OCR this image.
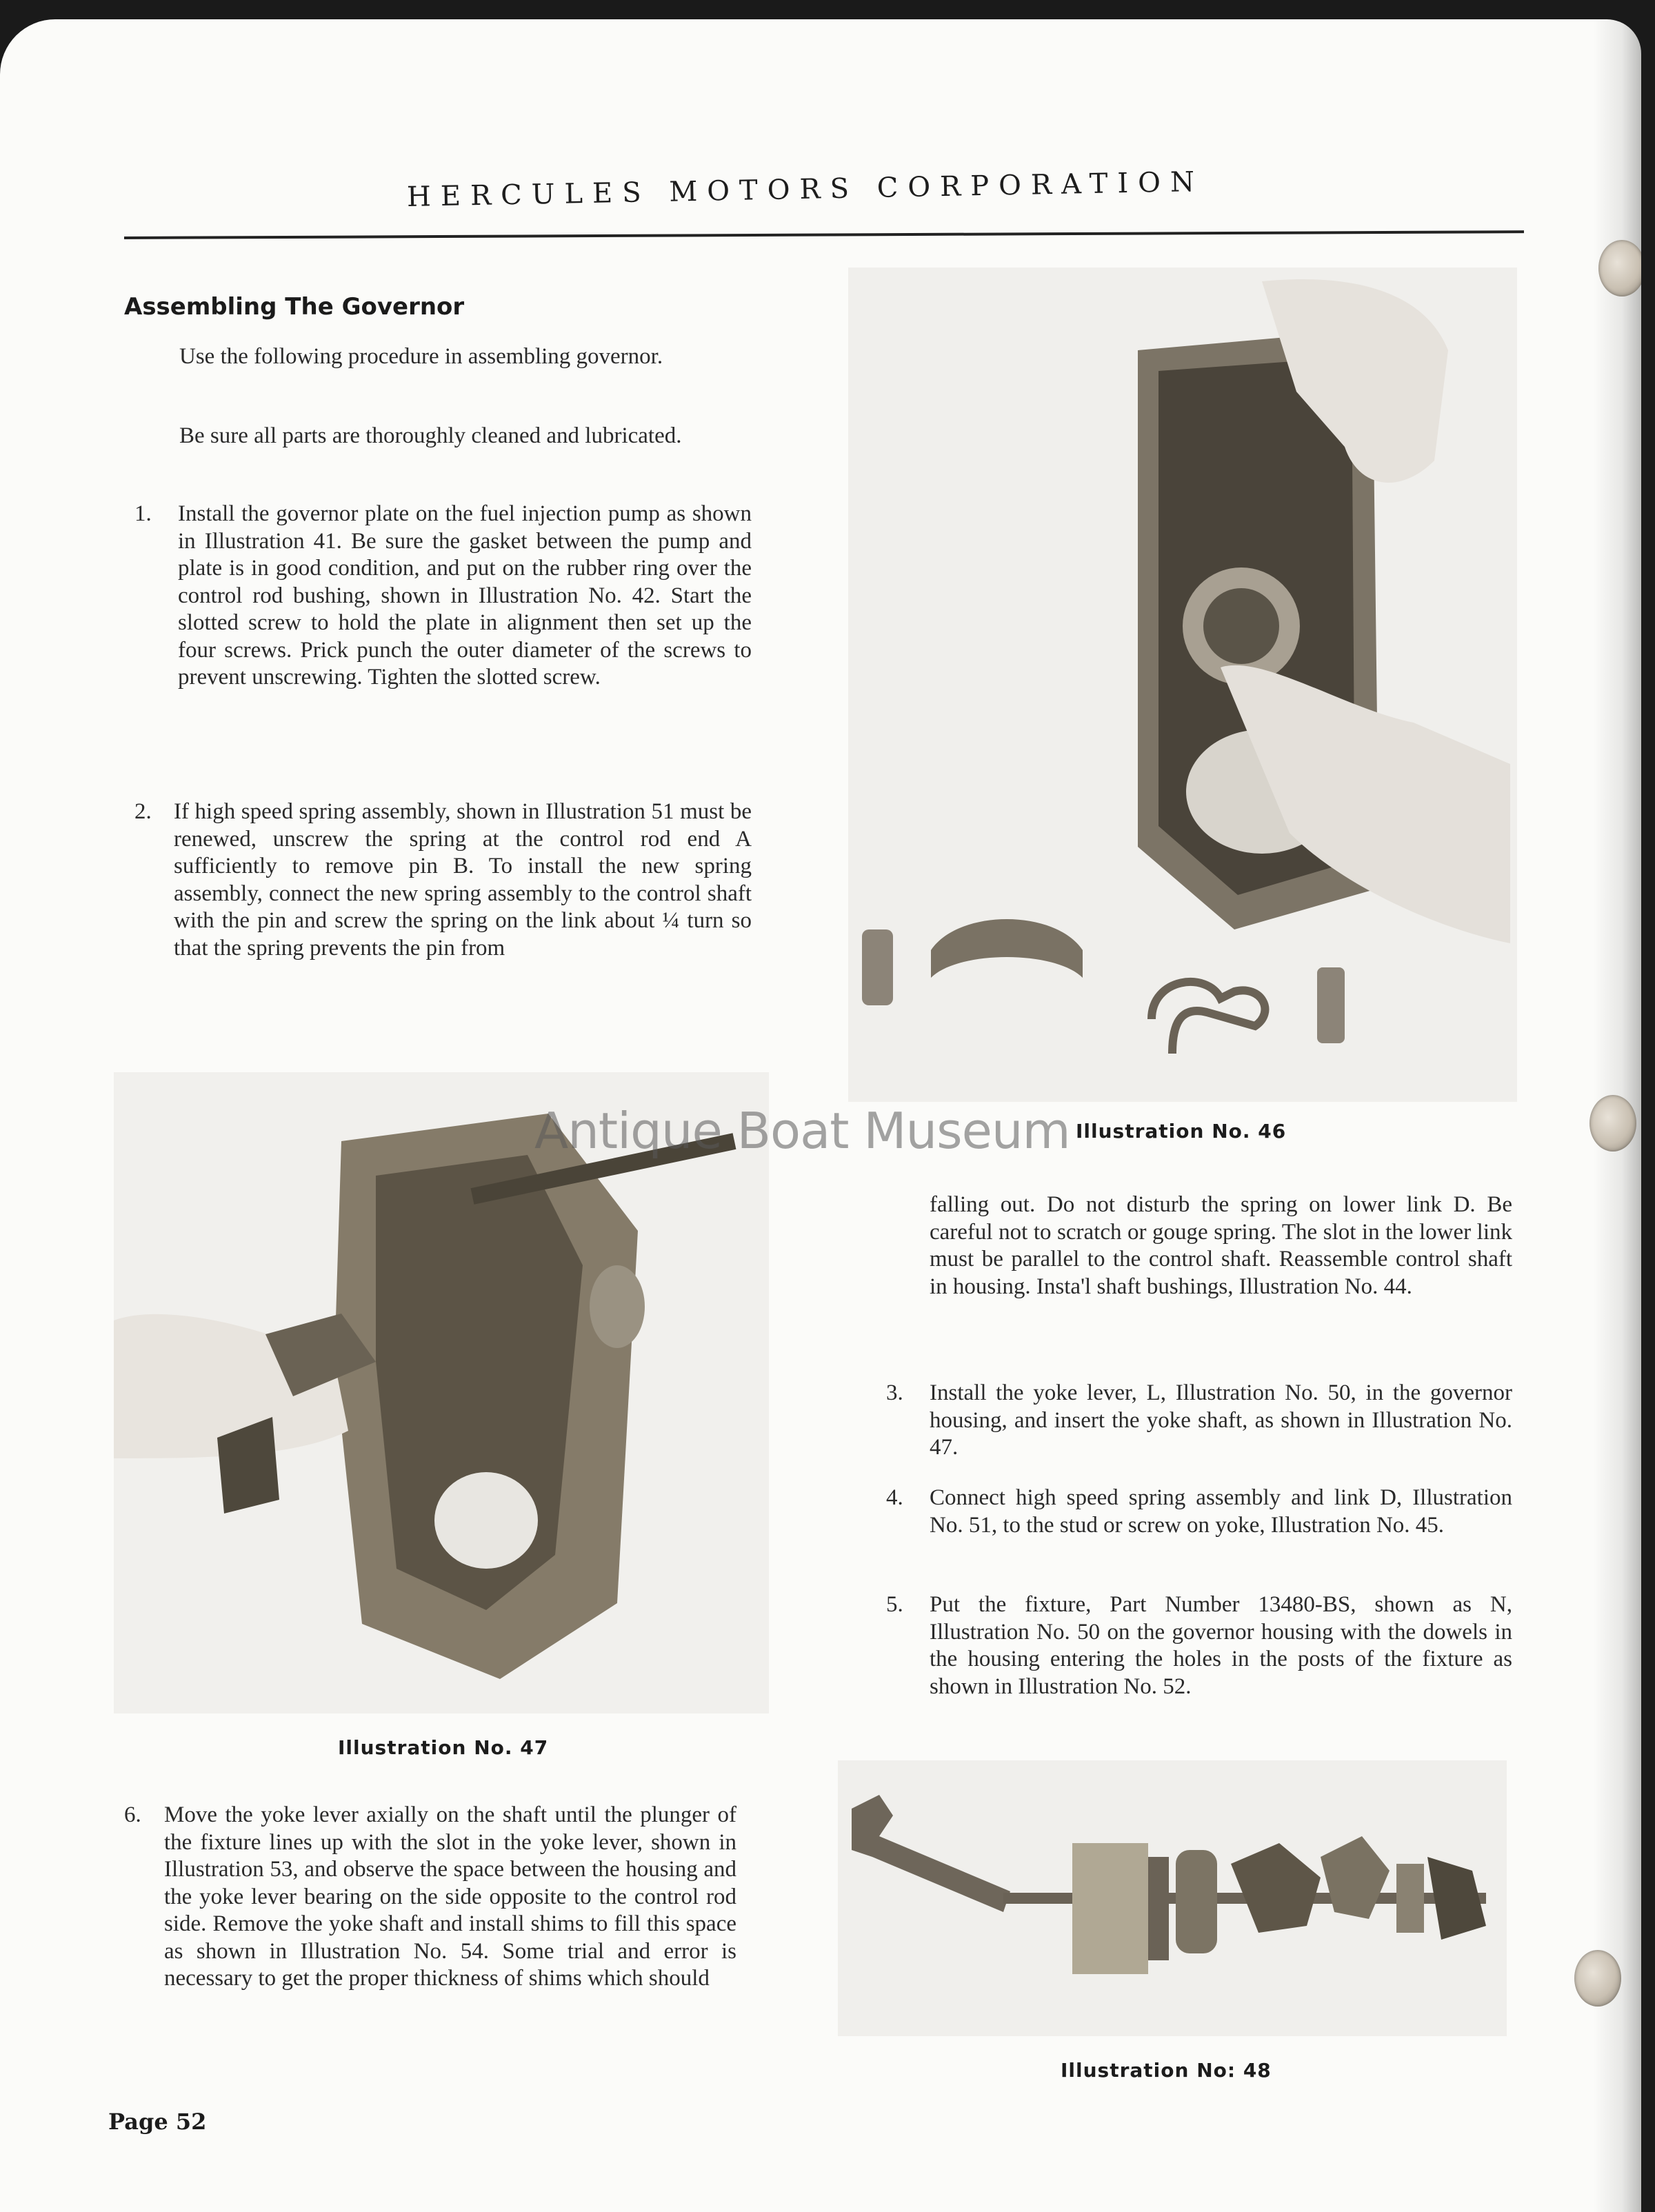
HERCULES MOTORS CORPORATION
Assembling The Governor

Use the following procedure in assembling governor.

Be sure all parts are thoroughly cleaned and lubricated.

1. Install the governor plate on the fuel injection pump as shown in Illustration 41. Be sure the gasket between the pump and plate is in good condition, and put on the rubber ring over the control rod bushing, shown in Illustration No. 42. Start the slotted screw to hold the plate in alignment then set up the four screws. Prick punch the outer diameter of the screws to prevent unscrewing. Tighten the slotted screw.
2. If high speed spring assembly, shown in Illustration 51 must be renewed, unscrew the spring at the control rod end A sufficiently to remove pin B. To install the new spring assembly, connect the new spring assembly to the control shaft with the pin and screw the spring on the link about ¼ turn so that the spring prevents the pin from
Illustration No. 46
Illustration No. 47
Antique Boat Museum
falling out. Do not disturb the spring on lower link D. Be careful not to scratch or gouge spring. The slot in the lower link must be parallel to the control shaft. Reassemble control shaft in housing. Insta'l shaft bushings, Illustration No. 44.
3. Install the yoke lever, L, Illustration No. 50, in the governor housing, and insert the yoke shaft, as shown in Illustration No. 47.
4. Connect high speed spring assembly and link D, Illustration No. 51, to the stud or screw on yoke, Illustration No. 45.
5. Put the fixture, Part Number 13480-BS, shown as N, Illustration No. 50 on the governor housing with the dowels in the housing entering the holes in the posts of the fixture as shown in Illustration No. 52.
6. Move the yoke lever axially on the shaft until the plunger of the fixture lines up with the slot in the yoke lever, shown in Illustration 53, and observe the space between the housing and the yoke lever bearing on the side opposite to the control rod side. Remove the yoke shaft and install shims to fill this space as shown in Illustration No. 54. Some trial and error is necessary to get the proper thickness of shims which should
Illustration No: 48
Page 52
